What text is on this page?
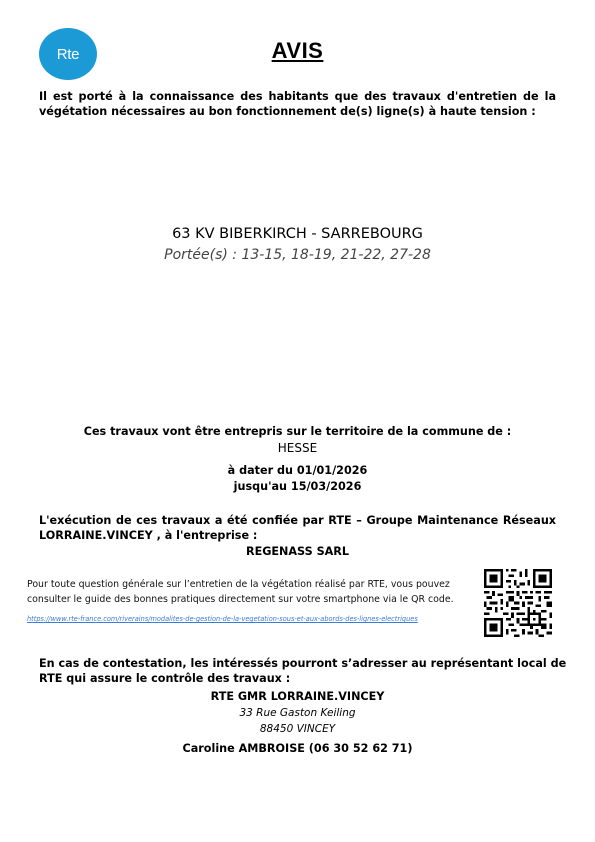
Rte	AVIS
Il est porté à la connaissance des habitants que des travaux d'entretien de la végétation nécessaires au bon fonctionnement de(s) ligne(s) à haute tension :
63 KV BIBERKIRCH - SARREBOURG
Portée(s) : 13-15, 18-19, 21-22, 27-28
Ces travaux vont être entrepris sur le territoire de la commune de :
HESSE
à dater du 01/01/2026
jusqu'au 15/03/2026
L'exécution de ces travaux a été confiée par RTE – Groupe Maintenance Réseaux LORRAINE.VINCEY , à l'entreprise :
REGENASS SARL
Pour toute question générale sur l’entretien de la végétation réalisé par RTE, vous pouvez consulter le guide des bonnes pratiques directement sur votre smartphone via le QR code.
https://www.rte-france.com/riverains/modalites-de-gestion-de-la-vegetation-sous-et-aux-abords-des-lignes-electriques
En cas de contestation, les intéressés pourront s’adresser au représentant local de RTE qui assure le contrôle des travaux :
RTE GMR LORRAINE.VINCEY
33 Rue Gaston Keiling
88450 VINCEY
Caroline AMBROISE (06 30 52 62 71)
